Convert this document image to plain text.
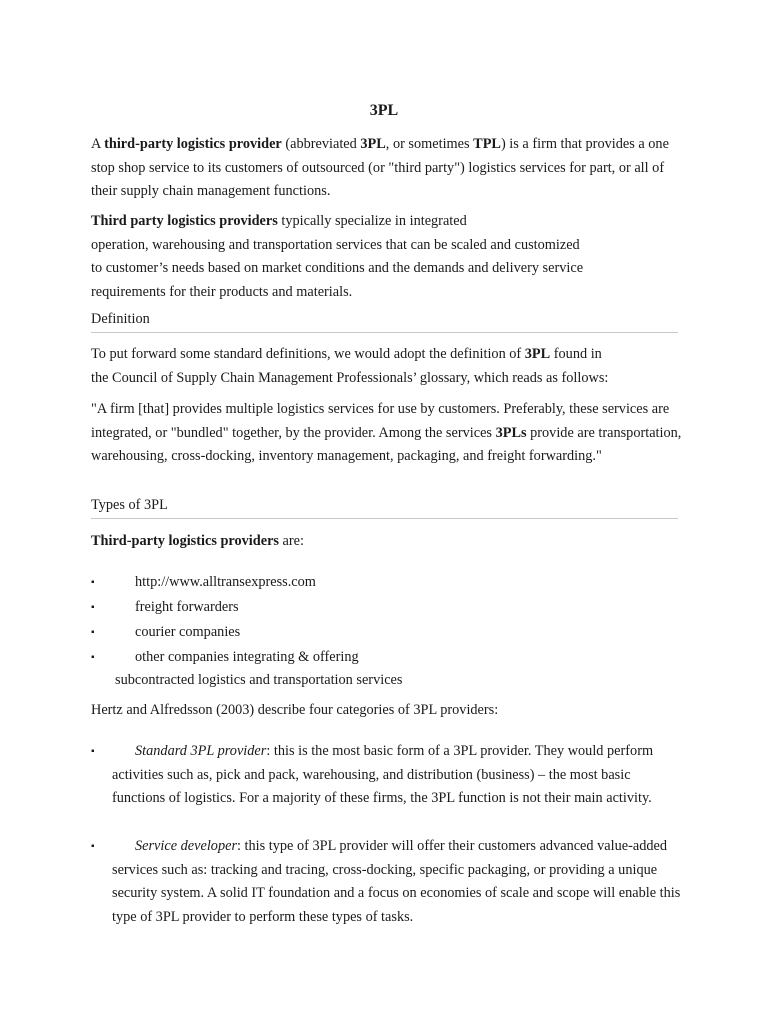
3PL
A third-party logistics provider (abbreviated 3PL, or sometimes TPL) is a firm that provides a one stop shop service to its customers of outsourced (or "third party") logistics services for part, or all of their supply chain management functions.
Third party logistics providers typically specialize in integrated
operation, warehousing and transportation services that can be scaled and customized
to customer’s needs based on market conditions and the demands and delivery service
requirements for their products and materials.
Definition
To put forward some standard definitions, we would adopt the definition of 3PL found in
the Council of Supply Chain Management Professionals’ glossary, which reads as follows:
"A firm [that] provides multiple logistics services for use by customers. Preferably, these services are integrated, or "bundled" together, by the provider. Among the services 3PLs provide are transportation, warehousing, cross-docking, inventory management, packaging, and freight forwarding."
Types of 3PL
Third-party logistics providers are:
▪	http://www.alltransexpress.com
▪	freight forwarders
▪	courier companies
▪	other companies integrating & offering
subcontracted logistics and transportation services
Hertz and Alfredsson (2003) describe four categories of 3PL providers:
▪	Standard 3PL provider: this is the most basic form of a 3PL provider. They would perform activities such as, pick and pack, warehousing, and distribution (business) – the most basic functions of logistics. For a majority of these firms, the 3PL function is not their main activity.
▪	Service developer: this type of 3PL provider will offer their customers advanced value-added services such as: tracking and tracing, cross-docking, specific packaging, or providing a unique security system. A solid IT foundation and a focus on economies of scale and scope will enable this type of 3PL provider to perform these types of tasks.
